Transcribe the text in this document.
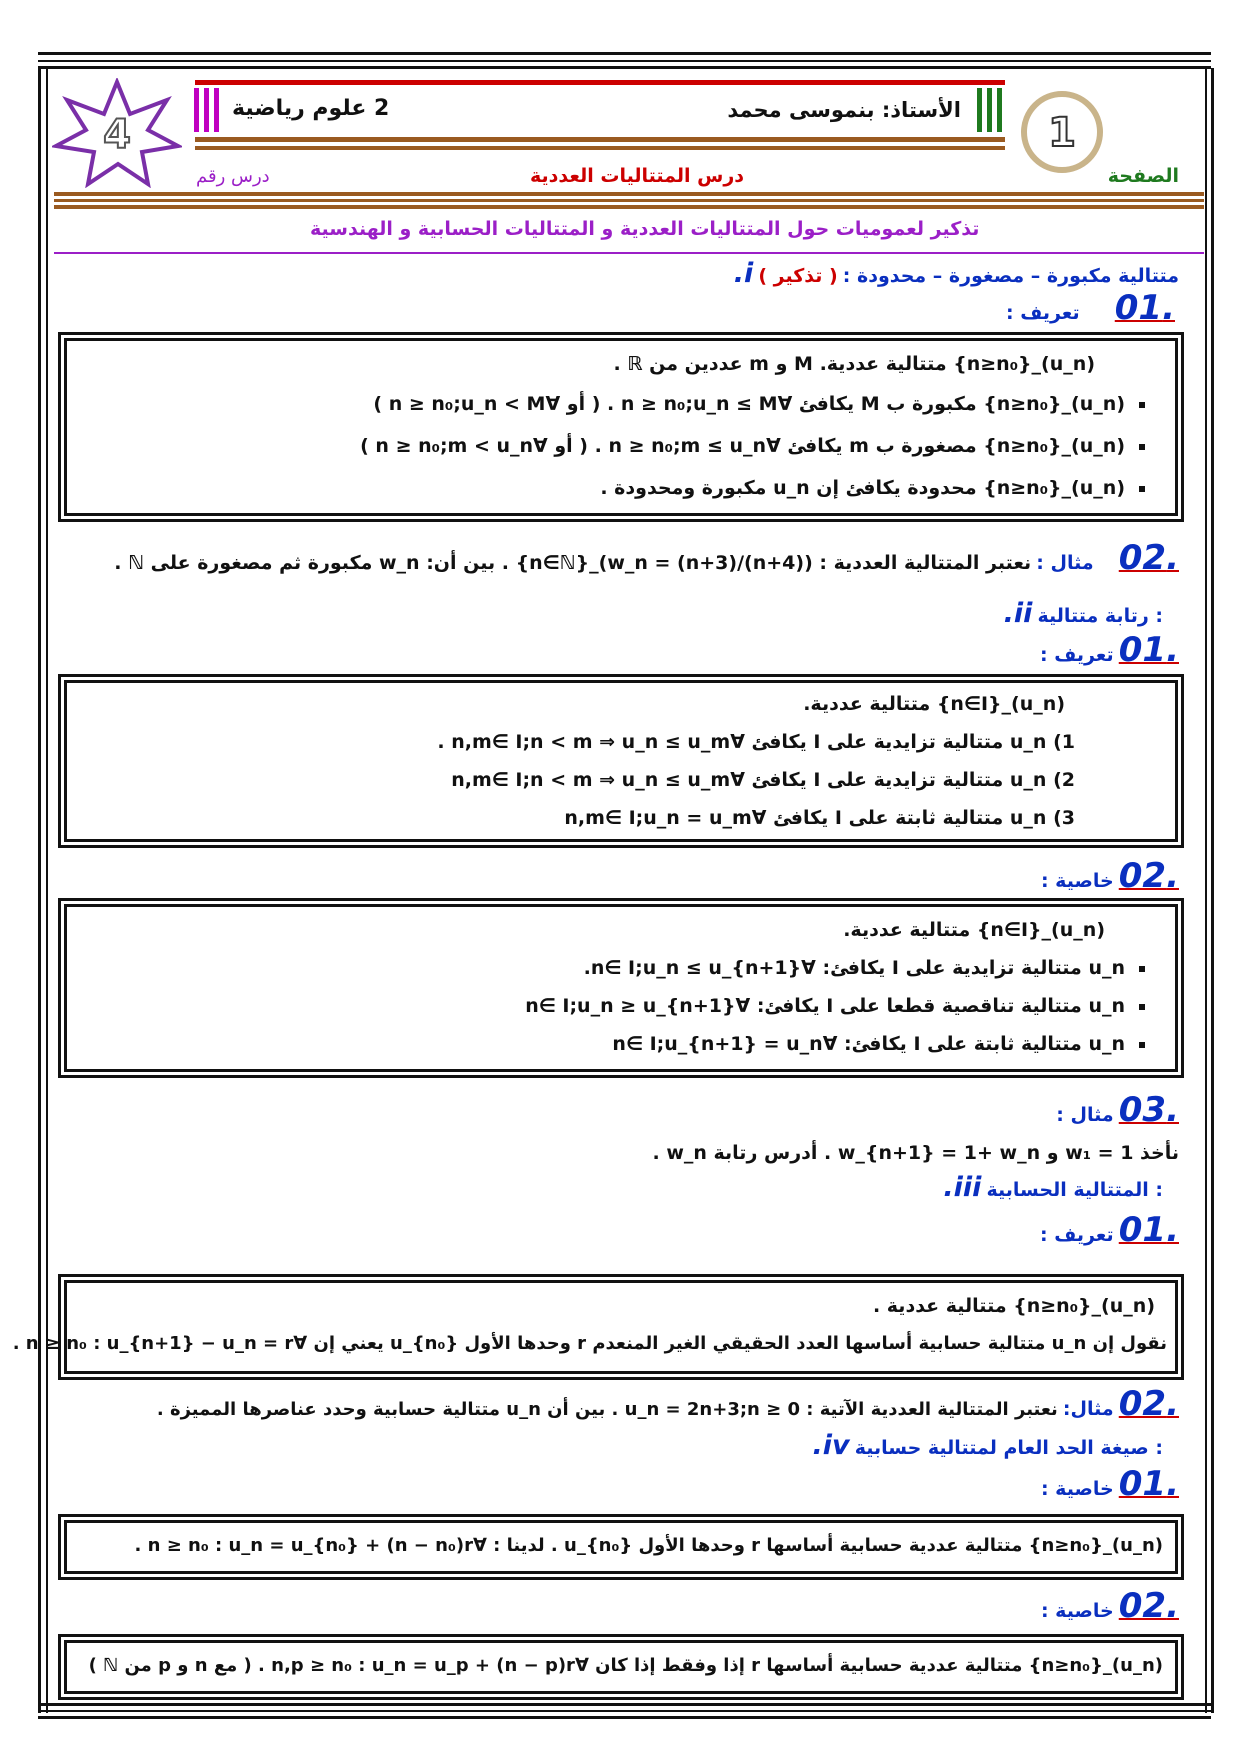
4
2 علوم رياضية	الأستاذ: بنموسى محمد 1
الصفحة
درس رقم	درس المتتاليات العددية
تذكير لعموميات حول المتتاليات العددية و المتتاليات الحسابية و الهندسية
.i	متتالية مكبورة – مصغورة – محدودة : ( تذكير )
.01 تعريف :
(u_n)_{n≥n₀} متتالية عددية. M و m عددين من ℝ .
(u_n)_{n≥n₀} مكبورة ب M يكافئ ∀n ≥ n₀;u_n ≤ M . ( أو ∀n ≥ n₀;u_n < M )
(u_n)_{n≥n₀} مصغورة ب m يكافئ ∀n ≥ n₀;m ≤ u_n . ( أو ∀n ≥ n₀;m < u_n )
(u_n)_{n≥n₀} محدودة يكافئ إن u_n مكبورة ومحدودة .
.02 مثال : نعتبر المتتالية العددية : (w_n = (n+3)/(n+4))_{n∈ℕ} . بين أن: w_n مكبورة ثم مصغورة على ℕ .
.ii رتابة متتالية :
.01 تعريف :
(u_n)_{n∈I} متتالية عددية.
1) u_n متتالية تزايدية على I يكافئ ∀n,m∈ I;n < m ⇒ u_n ≤ u_m .
2) u_n متتالية تزايدية على I يكافئ ∀n,m∈ I;n < m ⇒ u_n ≤ u_m
3) u_n متتالية ثابتة على I يكافئ ∀n,m∈ I;u_n = u_m
.02 خاصية :
(u_n)_{n∈I} متتالية عددية.
u_n متتالية تزايدية على I يكافئ: ∀n∈ I;u_n ≤ u_{n+1}.
u_n متتالية تناقصية قطعا على I يكافئ: ∀n∈ I;u_n ≥ u_{n+1}
u_n متتالية ثابتة على I يكافئ: ∀n∈ I;u_{n+1} = u_n
.03 مثال :
نأخذ w₁ = 1 و w_{n+1} = 1+ w_n . أدرس رتابة w_n .
.iii المتتالية الحسابية :
.01 تعريف :
(u_n)_{n≥n₀} متتالية عددية .
نقول إن u_n متتالية حسابية أساسها العدد الحقيقي الغير المنعدم r وحدها الأول u_{n₀} يعني إن ∀n ≥ n₀ : u_{n+1} − u_n = r .
.02 مثال: نعتبر المتتالية العددية الآتية : u_n = 2n+3;n ≥ 0 . بين أن u_n متتالية حسابية وحدد عناصرها المميزة .
.iv صيغة الحد العام لمتتالية حسابية :
.01 خاصية :
(u_n)_{n≥n₀} متتالية عددية حسابية أساسها r وحدها الأول u_{n₀} . لدينا : ∀n ≥ n₀ : u_n = u_{n₀} + (n − n₀)r .
.02 خاصية :
(u_n)_{n≥n₀} متتالية عددية حسابية أساسها r إذا وفقط إذا كان ∀n,p ≥ n₀ : u_n = u_p + (n − p)r . ( مع n و p من ℕ )
